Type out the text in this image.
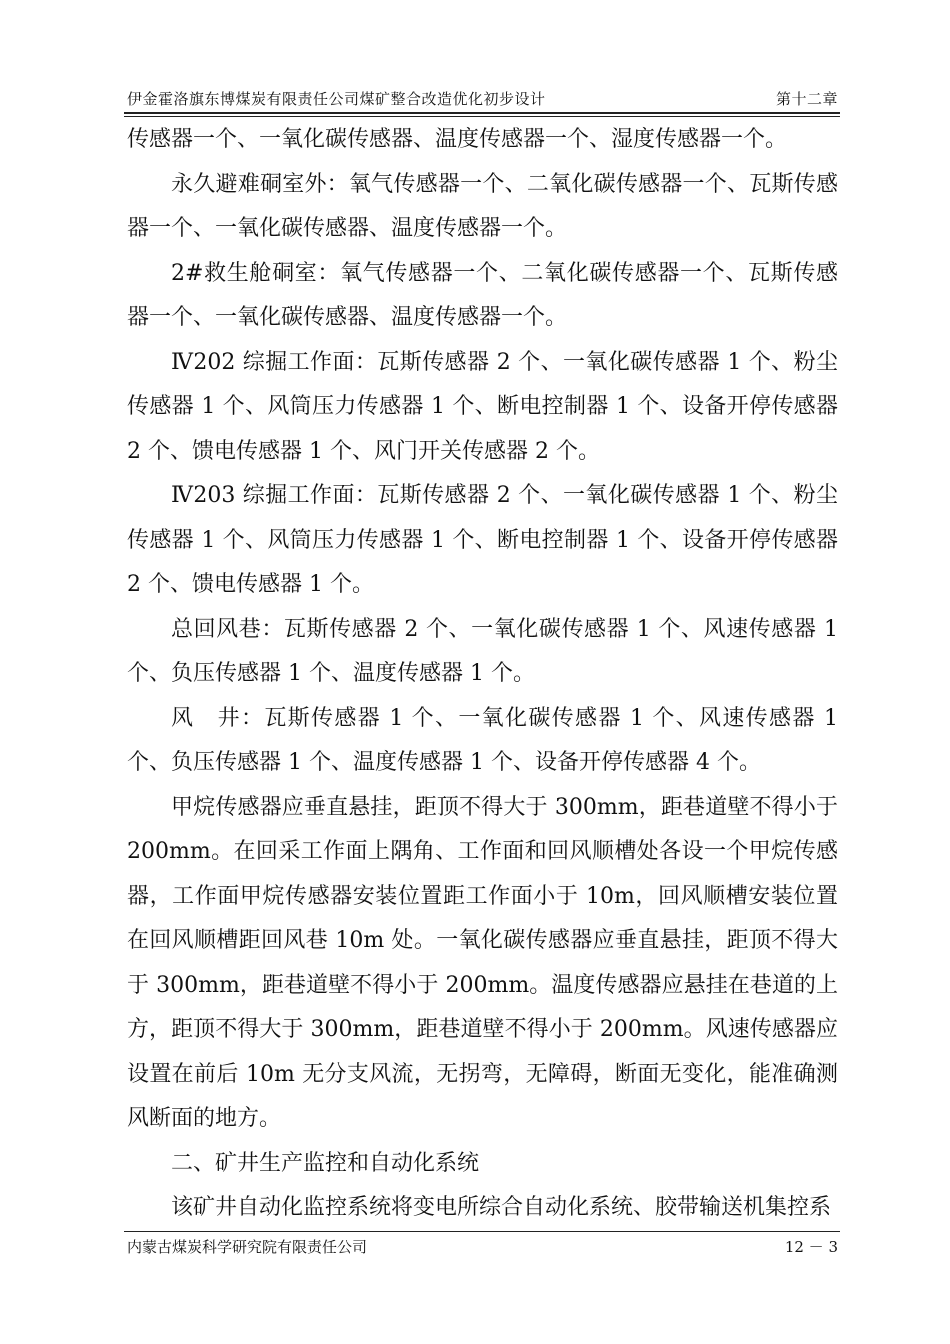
伊金霍洛旗东博煤炭有限责任公司煤矿整合改造优化初步设计	第十二章

传感器一个、一氧化碳传感器、温度传感器一个、湿度传感器一个。

永久避难硐室外：氧气传感器一个、二氧化碳传感器一个、瓦斯传感器一个、一氧化碳传感器、温度传感器一个。

2#救生舱硐室：氧气传感器一个、二氧化碳传感器一个、瓦斯传感器一个、一氧化碳传感器、温度传感器一个。

Ⅳ202 综掘工作面：瓦斯传感器 2 个、一氧化碳传感器 1 个、粉尘传感器 1 个、风筒压力传感器 1 个、断电控制器 1 个、设备开停传感器 2 个、馈电传感器 1 个、风门开关传感器 2 个。

Ⅳ203 综掘工作面：瓦斯传感器 2 个、一氧化碳传感器 1 个、粉尘传感器 1 个、风筒压力传感器 1 个、断电控制器 1 个、设备开停传感器 2 个、馈电传感器 1 个。

总回风巷：瓦斯传感器 2 个、一氧化碳传感器 1 个、风速传感器 1 个、负压传感器 1 个、温度传感器 1 个。

风　井：瓦斯传感器 1 个、一氧化碳传感器 1 个、风速传感器 1 个、负压传感器 1 个、温度传感器 1 个、设备开停传感器 4 个。

甲烷传感器应垂直悬挂，距顶不得大于 300mm，距巷道壁不得小于 200mm。在回采工作面上隅角、工作面和回风顺槽处各设一个甲烷传感器，工作面甲烷传感器安装位置距工作面小于 10m，回风顺槽安装位置在回风顺槽距回风巷 10m 处。一氧化碳传感器应垂直悬挂，距顶不得大于 300mm，距巷道壁不得小于 200mm。温度传感器应悬挂在巷道的上方，距顶不得大于 300mm，距巷道壁不得小于 200mm。风速传感器应设置在前后 10m 无分支风流，无拐弯，无障碍，断面无变化，能准确测风断面的地方。

二、矿井生产监控和自动化系统

该矿井自动化监控系统将变电所综合自动化系统、胶带输送机集控系

内蒙古煤炭科学研究院有限责任公司	12 － 3
